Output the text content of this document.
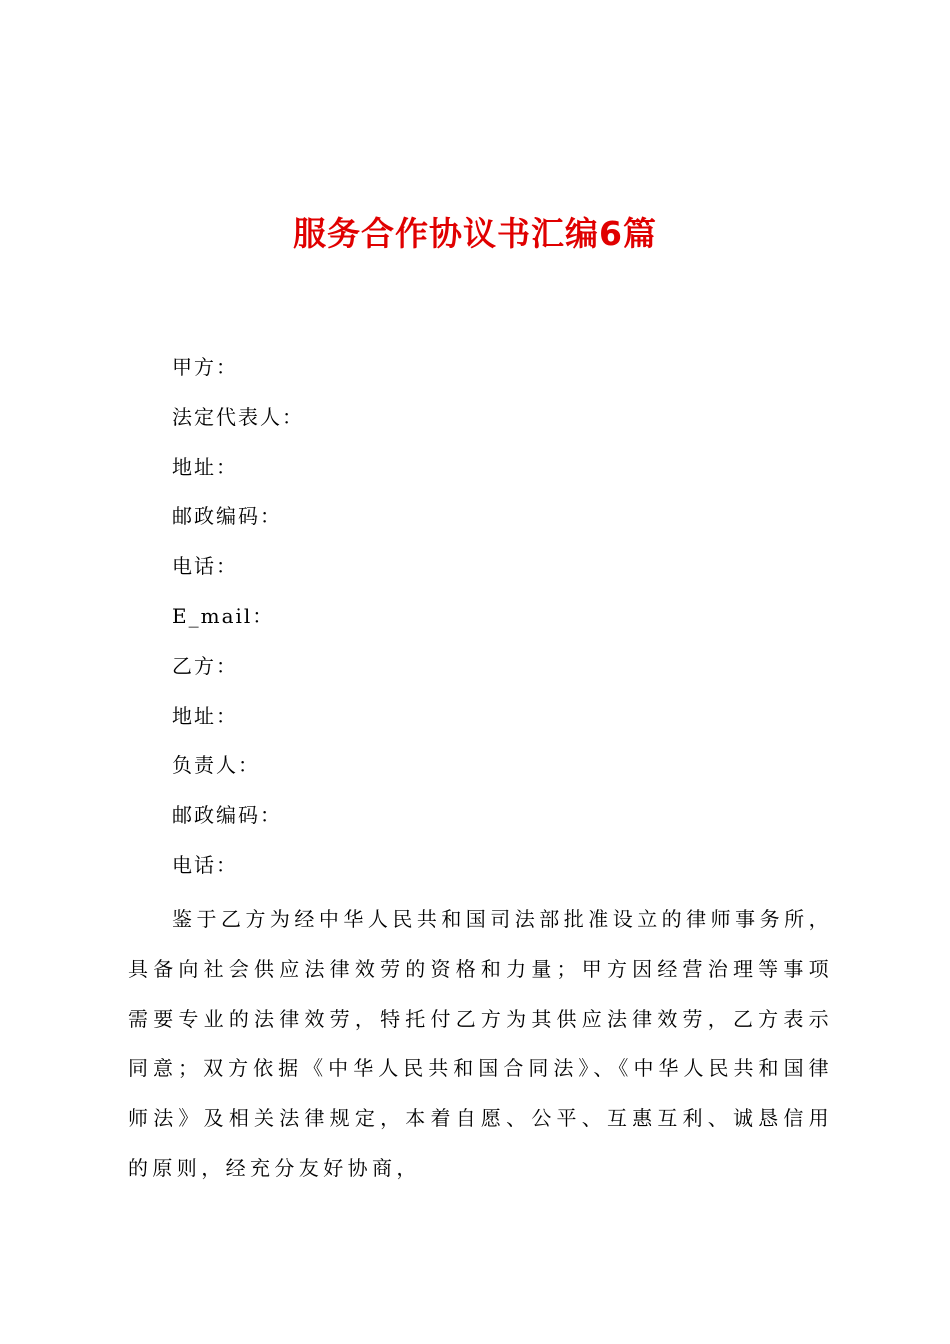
服务合作协议书汇编6篇
甲方：
法定代表人：
地址：
邮政编码：
电话：
E_mail：
乙方：
地址：
负责人：
邮政编码：
电话：

鉴于乙方为经中华人民共和国司法部批准设立的律师事务所，具备向社会供应法律效劳的资格和力量；甲方因经营治理等事项需要专业的法律效劳，特托付乙方为其供应法律效劳，乙方表示同意；双方依据《中华人民共和国合同法》、《中华人民共和国律师法》及相关法律规定，本着自愿、公平、互惠互利、诚恳信用的原则，经充分友好协商，
